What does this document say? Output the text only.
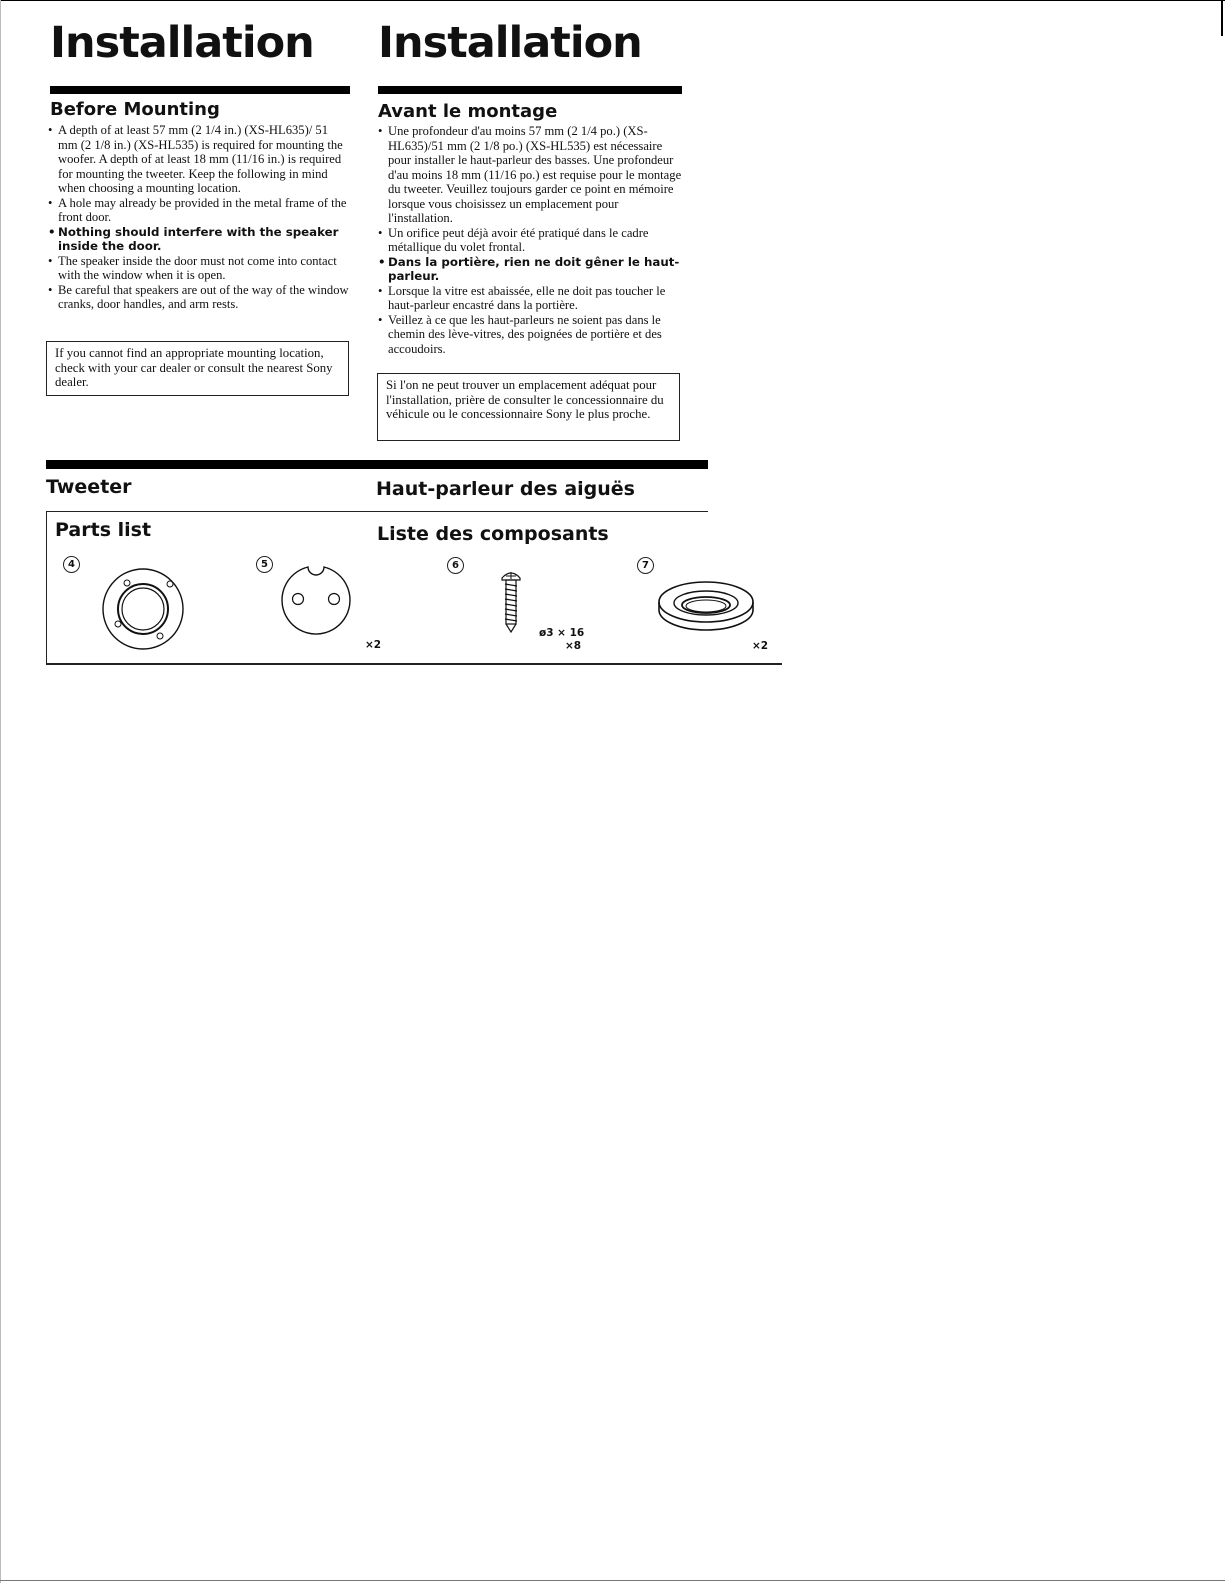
Installation Installation
Before Mounting
• A depth of at least 57 mm (2 1/4 in.) (XS-HL635)/ 51 mm (2 1/8 in.) (XS-HL535) is required for mounting the woofer. A depth of at least 18 mm (11/16 in.) is required for mounting the tweeter. Keep the following in mind when choosing a mounting location.
• A hole may already be provided in the metal frame of the front door.
• Nothing should interfere with the speaker inside the door.
• The speaker inside the door must not come into contact with the window when it is open.
• Be careful that speakers are out of the way of the window cranks, door handles, and arm rests.
If you cannot find an appropriate mounting location, check with your car dealer or consult the nearest Sony dealer.
Avant le montage
• Une profondeur d'au moins 57 mm (2 1/4 po.) (XS-HL635)/51 mm (2 1/8 po.) (XS-HL535) est nécessaire pour installer le haut-parleur des basses. Une profondeur d'au moins 18 mm (11/16 po.) est requise pour le montage du tweeter. Veuillez toujours garder ce point en mémoire lorsque vous choisissez un emplacement pour l'installation.
• Un orifice peut déjà avoir été pratiqué dans le cadre métallique du volet frontal.
• Dans la portière, rien ne doit gêner le haut-parleur.
• Lorsque la vitre est abaissée, elle ne doit pas toucher le haut-parleur encastré dans la portière.
• Veillez à ce que les haut-parleurs ne soient pas dans le chemin des lève-vitres, des poignées de portière et des accoudoirs.
Si l'on ne peut trouver un emplacement adéquat pour l'installation, prière de consulter le concessionnaire du véhicule ou le concessionnaire Sony le plus proche.
Tweeter	Haut-parleur des aiguës
Parts list	Liste des composants
4	5
×2
6
ø3 × 16
×8
7
×2
